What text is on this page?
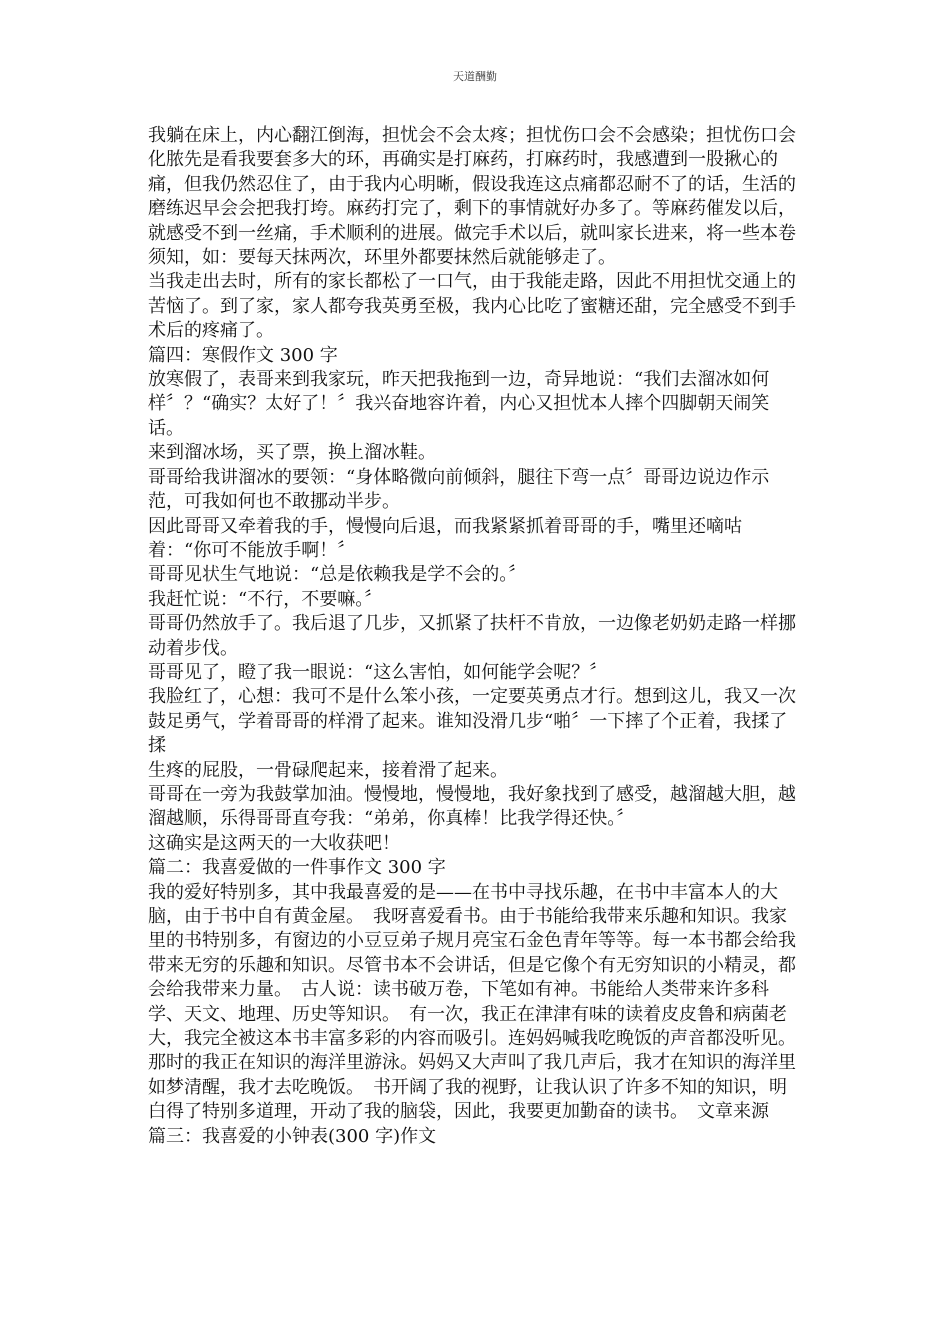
天道酬勤

我躺在床上，内心翻江倒海，担忧会不会太疼；担忧伤口会不会感染；担忧伤口会化脓先是看我要套多大的环，再确实是打麻药，打麻药时，我感遭到一股揪心的痛，但我仍然忍住了，由于我内心明晰，假设我连这点痛都忍耐不了的话，生活的磨练迟早会会把我打垮。麻药打完了，剩下的事情就好办多了。等麻药催发以后，就感受不到一丝痛，手术顺利的进展。做完手术以后，就叫家长进来，将一些本卷须知，如：要每天抹两次，环里外都要抹然后就能够走了。

当我走出去时，所有的家长都松了一口气，由于我能走路，因此不用担忧交通上的苦恼了。到了家，家人都夸我英勇至极，我内心比吃了蜜糖还甜，完全感受不到手术后的疼痛了。

篇四：寒假作文 300 字

放寒假了，表哥来到我家玩，昨天把我拖到一边，奇异地说：“我们去溜冰如何样〞？“确实？太好了！〞我兴奋地容许着，内心又担忧本人摔个四脚朝天闹笑话。

来到溜冰场，买了票，换上溜冰鞋。

哥哥给我讲溜冰的要领：“身体略微向前倾斜，腿往下弯一点〞哥哥边说边作示范，可我如何也不敢挪动半步。

因此哥哥又牵着我的手，慢慢向后退，而我紧紧抓着哥哥的手，嘴里还嘀咕着：“你可不能放手啊！〞

哥哥见状生气地说：“总是依赖我是学不会的。〞

我赶忙说：“不行，不要嘛。〞

哥哥仍然放手了。我后退了几步，又抓紧了扶杆不肯放，一边像老奶奶走路一样挪动着步伐。

哥哥见了，瞪了我一眼说：“这么害怕，如何能学会呢？〞

我脸红了，心想：我可不是什么笨小孩，一定要英勇点才行。想到这儿，我又一次鼓足勇气，学着哥哥的样滑了起来。谁知没滑几步“啪〞一下摔了个正着，我揉了揉

生疼的屁股，一骨碌爬起来，接着滑了起来。

哥哥在一旁为我鼓掌加油。慢慢地，慢慢地，我好象找到了感受，越溜越大胆，越溜越顺，乐得哥哥直夸我：“弟弟，你真棒！比我学得还快。〞

这确实是这两天的一大收获吧！

篇二：我喜爱做的一件事作文 300 字

我的爱好特别多，其中我最喜爱的是——在书中寻找乐趣，在书中丰富本人的大脑，由于书中自有黄金屋。　我呀喜爱看书。由于书能给我带来乐趣和知识。我家里的书特别多，有窗边的小豆豆弟子规月亮宝石金色青年等等。每一本书都会给我带来无穷的乐趣和知识。尽管书本不会讲话，但是它像个有无穷知识的小精灵，都会给我带来力量。　古人说：读书破万卷，下笔如有神。书能给人类带来许多科学、天文、地理、历史等知识。　有一次，我正在津津有味的读着皮皮鲁和病菌老大，我完全被这本书丰富多彩的内容而吸引。连妈妈喊我吃晚饭的声音都没听见。那时的我正在知识的海洋里游泳。妈妈又大声叫了我几声后，我才在知识的海洋里如梦清醒，我才去吃晚饭。　书开阔了我的视野，让我认识了许多不知的知识，明白得了特别多道理，开动了我的脑袋，因此，我要更加勤奋的读书。　文章来源

篇三：我喜爱的小钟表(300 字)作文
